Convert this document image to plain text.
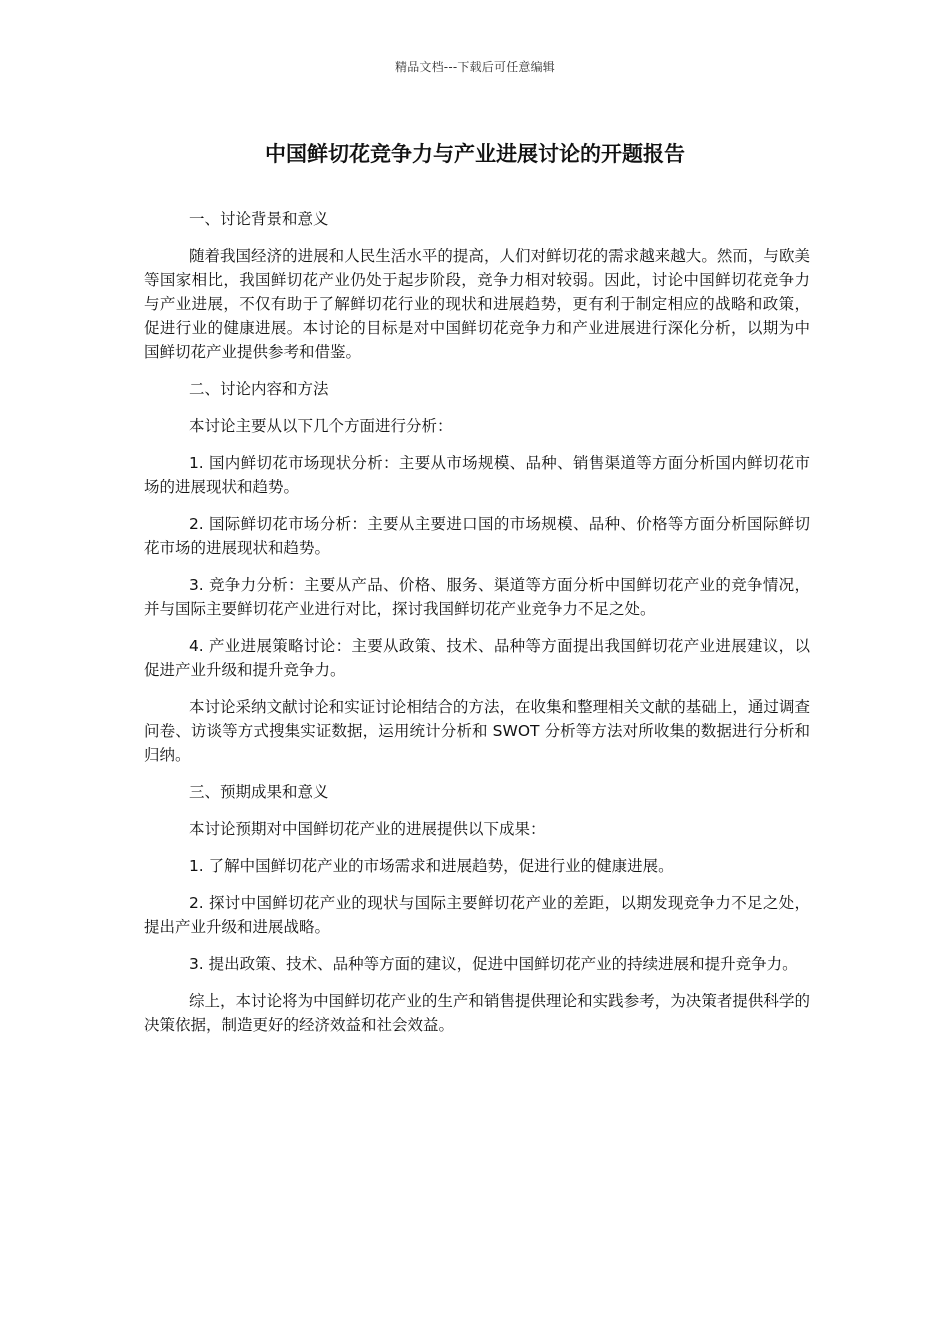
精品文档---下载后可任意编辑
中国鲜切花竞争力与产业进展讨论的开题报告

一、讨论背景和意义

随着我国经济的进展和人民生活水平的提高，人们对鲜切花的需求越来越大。然而，与欧美等国家相比，我国鲜切花产业仍处于起步阶段，竞争力相对较弱。因此，讨论中国鲜切花竞争力与产业进展，不仅有助于了解鲜切花行业的现状和进展趋势，更有利于制定相应的战略和政策，促进行业的健康进展。本讨论的目标是对中国鲜切花竞争力和产业进展进行深化分析，以期为中国鲜切花产业提供参考和借鉴。

二、讨论内容和方法

本讨论主要从以下几个方面进行分析：

1. 国内鲜切花市场现状分析：主要从市场规模、品种、销售渠道等方面分析国内鲜切花市场的进展现状和趋势。

2. 国际鲜切花市场分析：主要从主要进口国的市场规模、品种、价格等方面分析国际鲜切花市场的进展现状和趋势。

3. 竞争力分析：主要从产品、价格、服务、渠道等方面分析中国鲜切花产业的竞争情况，并与国际主要鲜切花产业进行对比，探讨我国鲜切花产业竞争力不足之处。

4. 产业进展策略讨论：主要从政策、技术、品种等方面提出我国鲜切花产业进展建议，以促进产业升级和提升竞争力。

本讨论采纳文献讨论和实证讨论相结合的方法，在收集和整理相关文献的基础上，通过调查问卷、访谈等方式搜集实证数据，运用统计分析和 SWOT 分析等方法对所收集的数据进行分析和归纳。

三、预期成果和意义

本讨论预期对中国鲜切花产业的进展提供以下成果：

1. 了解中国鲜切花产业的市场需求和进展趋势，促进行业的健康进展。

2. 探讨中国鲜切花产业的现状与国际主要鲜切花产业的差距，以期发现竞争力不足之处，提出产业升级和进展战略。

3. 提出政策、技术、品种等方面的建议，促进中国鲜切花产业的持续进展和提升竞争力。

综上，本讨论将为中国鲜切花产业的生产和销售提供理论和实践参考，为决策者提供科学的决策依据，制造更好的经济效益和社会效益。
